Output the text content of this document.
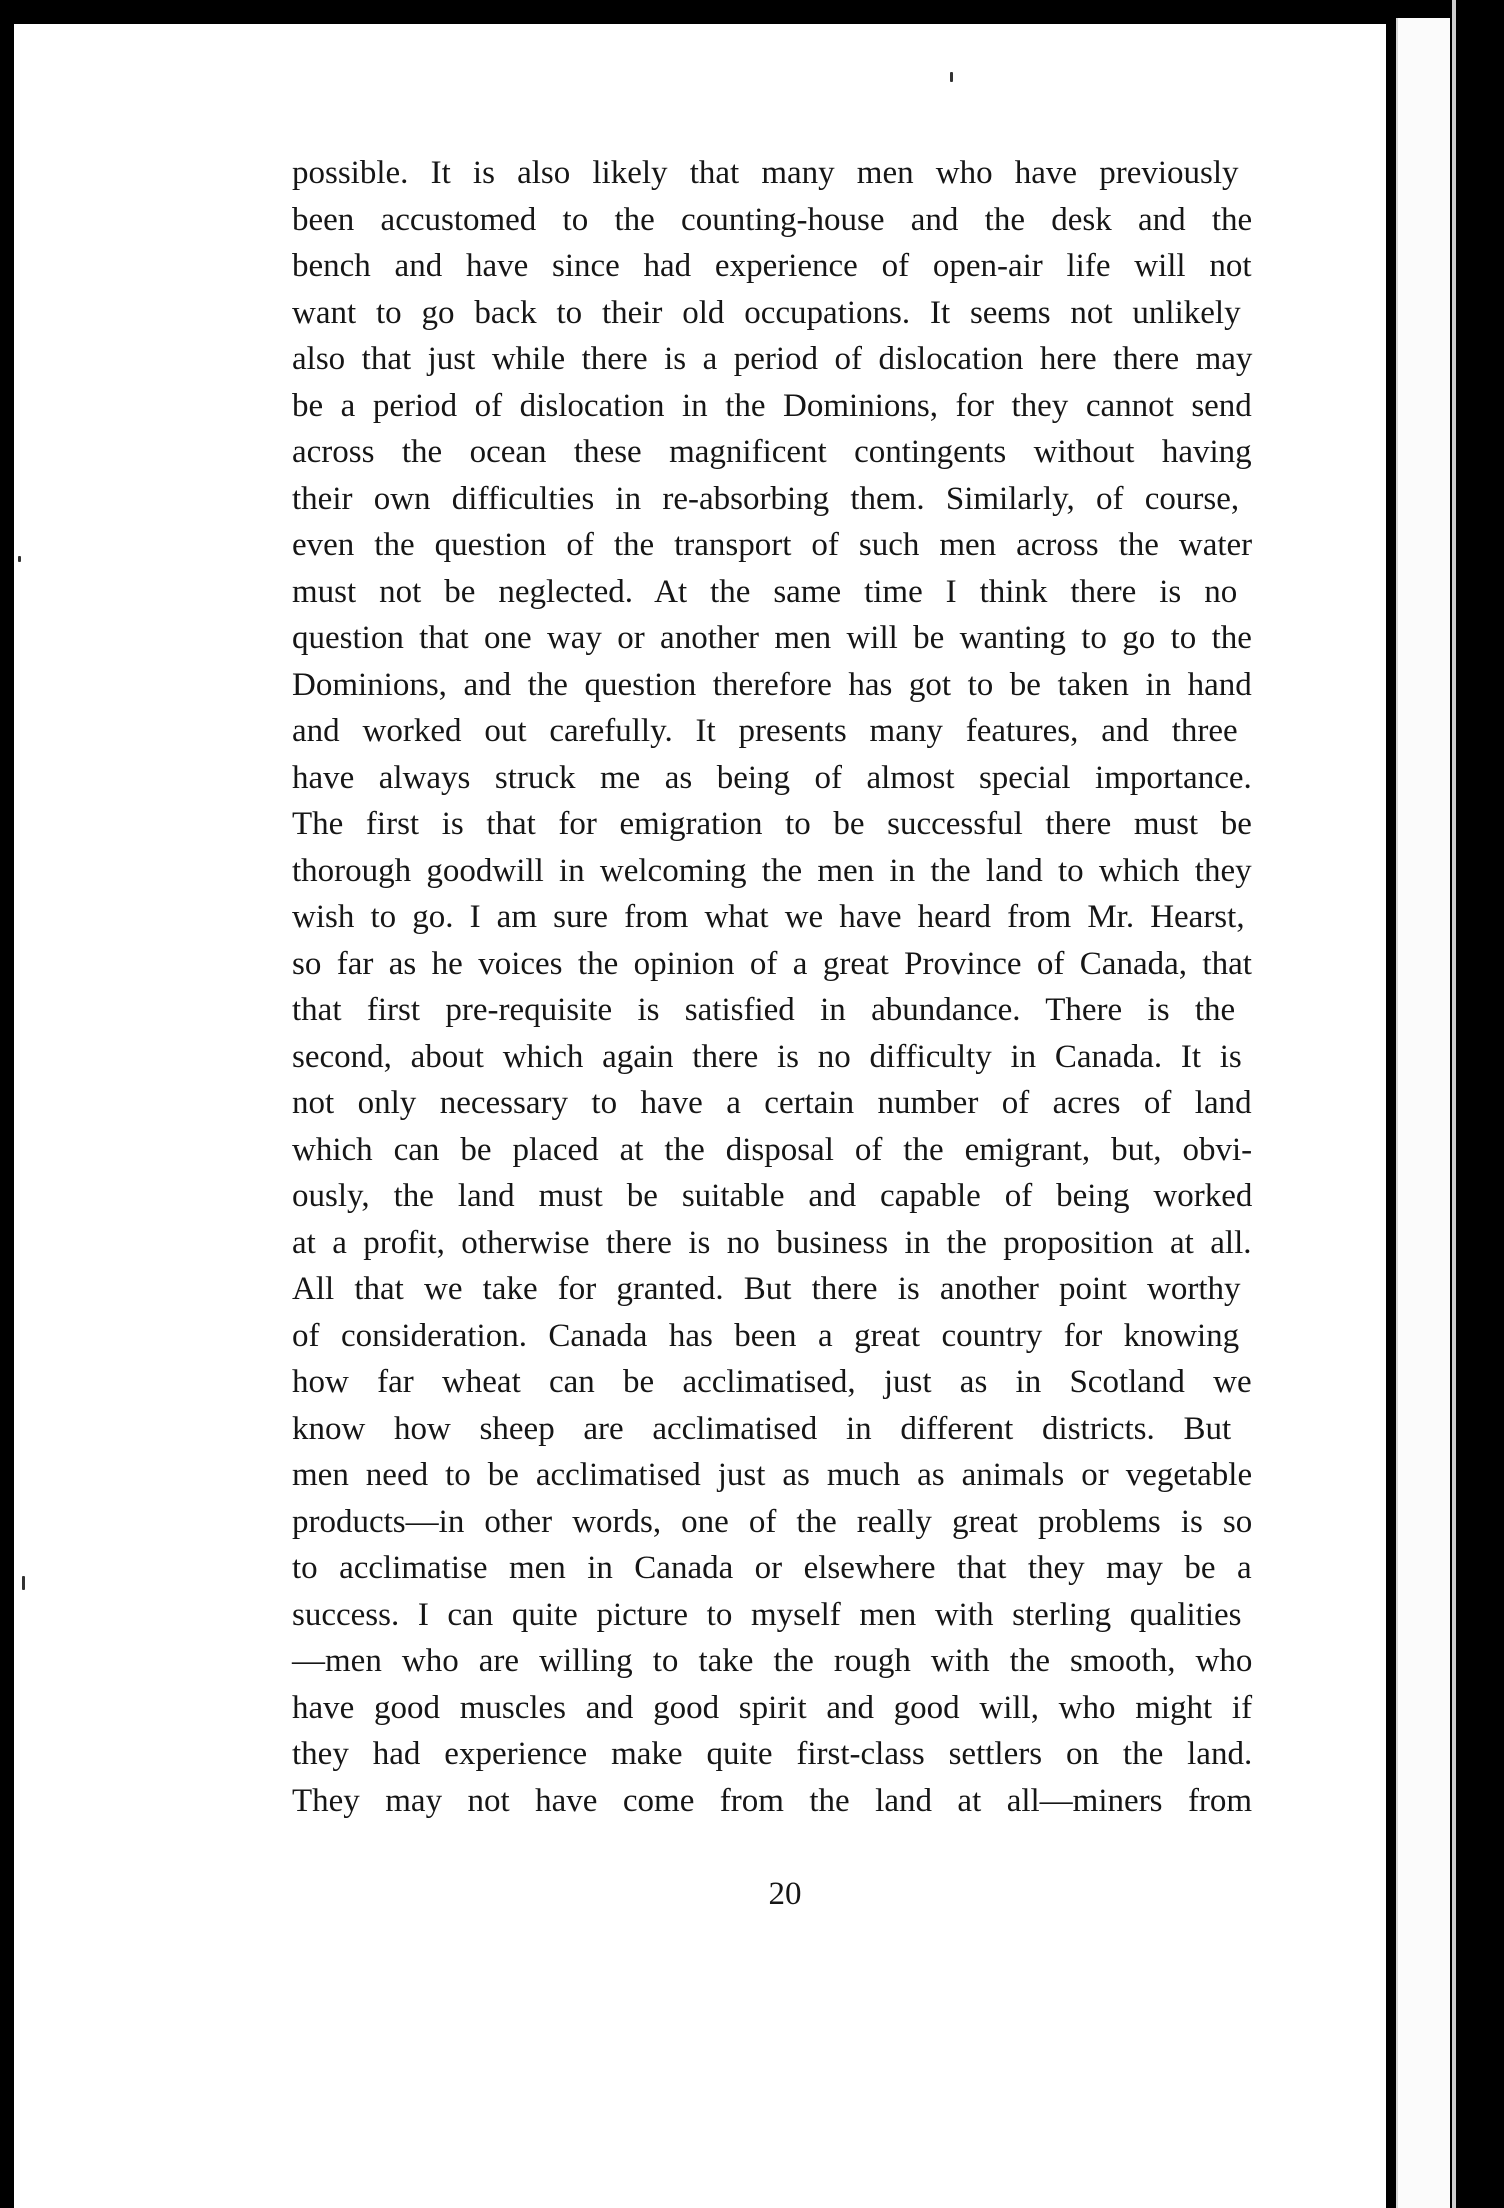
possible. It is also likely that many men who have previously
been accustomed to the counting-house and the desk and the
bench and have since had experience of open-air life will not
want to go back to their old occupations. It seems not unlikely
also that just while there is a period of dislocation here there may
be a period of dislocation in the Dominions, for they cannot send
across the ocean these magnificent contingents without having
their own difficulties in re-absorbing them. Similarly, of course,
even the question of the transport of such men across the water
must not be neglected. At the same time I think there is no
question that one way or another men will be wanting to go to the
Dominions, and the question therefore has got to be taken in hand
and worked out carefully. It presents many features, and three
have always struck me as being of almost special importance.
The first is that for emigration to be successful there must be
thorough goodwill in welcoming the men in the land to which they
wish to go. I am sure from what we have heard from Mr. Hearst,
so far as he voices the opinion of a great Province of Canada, that
that first pre-requisite is satisfied in abundance. There is the
second, about which again there is no difficulty in Canada. It is
not only necessary to have a certain number of acres of land
which can be placed at the disposal of the emigrant, but, obvi-
ously, the land must be suitable and capable of being worked
at a profit, otherwise there is no business in the proposition at all.
All that we take for granted. But there is another point worthy
of consideration. Canada has been a great country for knowing
how far wheat can be acclimatised, just as in Scotland we
know how sheep are acclimatised in different districts. But
men need to be acclimatised just as much as animals or vegetable
products—in other words, one of the really great problems is so
to acclimatise men in Canada or elsewhere that they may be a
success. I can quite picture to myself men with sterling qualities
—men who are willing to take the rough with the smooth, who
have good muscles and good spirit and good will, who might if
they had experience make quite first-class settlers on the land.
They may not have come from the land at all—miners from
20
